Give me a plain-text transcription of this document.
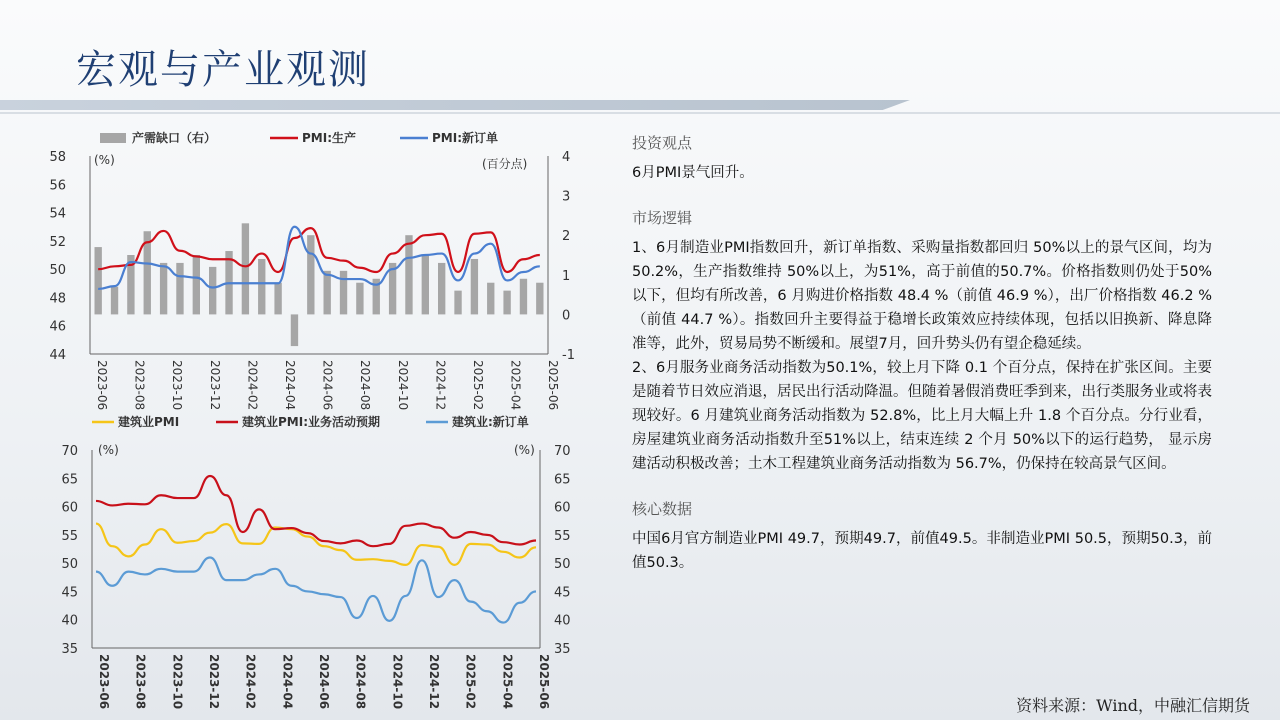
宏观与产业观测
产需缺口（右）	PMI:生产	PMI:新订单
44
46
48
50
52
54
56
58
-1
0
1
2
3
4
(%)	(百分点)
2023-06 2023-08 2023-10 2023-12 2024-02 2024-04 2024-06 2024-08 2024-10 2024-12 2025-02 2025-04 2025-06
建筑业PMI	建筑业PMI:业务活动预期	建筑业:新订单
35	35
40	40
45	45
50	50
55	55
60	60
65	65
70	70
(%)	(%)
2023-06 2023-08 2023-10 2023-12 2024-02 2024-04 2024-06 2024-08 2024-10 2024-12 2025-02 2025-04 2025-06

投资观点

6月PMI景气回升。

市场逻辑

1、6月制造业PMI指数回升，新订单指数、采购量指数都回归 50%以上的景气区间，均为50.2%，生产指数维持 50%以上，为51%，高于前值的50.7%。价格指数则仍处于50%以下，但均有所改善，6 月购进价格指数 48.4 %（前值 46.9 %），出厂价格指数 46.2 %（前值 44.7 %）。指数回升主要得益于稳增长政策效应持续体现，包括以旧换新、降息降准等，此外，贸易局势不断缓和。展望7月，回升势头仍有望企稳延续。

2、6月服务业商务活动指数为50.1%，较上月下降 0.1 个百分点，保持在扩张区间。主要是随着节日效应消退，居民出行活动降温。但随着暑假消费旺季到来，出行类服务业或将表现较好。6 月建筑业商务活动指数为 52.8%，比上月大幅上升 1.8 个百分点。分行业看， 房屋建筑业商务活动指数升至51%以上，结束连续 2 个月 50%以下的运行趋势， 显示房建活动积极改善；土木工程建筑业商务活动指数为 56.7%，仍保持在较高景气区间。

核心数据

中国6月官方制造业PMI 49.7，预期49.7，前值49.5。非制造业PMI 50.5，预期50.3，前值50.3。

资料来源：Wind，中融汇信期货
